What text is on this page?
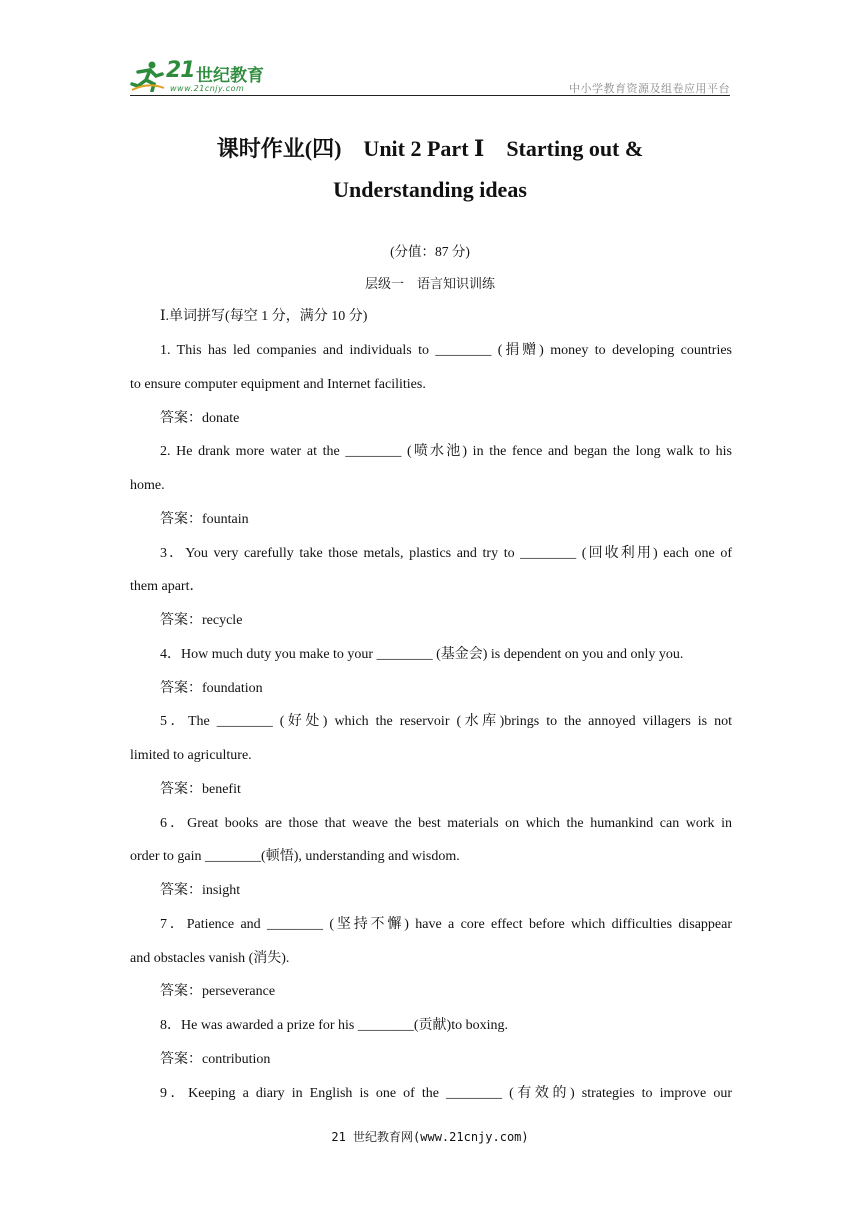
21 世纪教育
www.21cnjy.com	中小学教育资源及组卷应用平台
课时作业(四)　Unit 2 Part Ⅰ　Starting out &
Understanding ideas
(分值：87 分)
层级一　语言知识训练
Ⅰ.单词拼写(每空 1 分，满分 10 分)
1. This has led companies and individuals to ________ (捐赠) money to developing countries
to ensure computer equipment and Internet facilities.
答案：donate
2. He drank more water at the ________ (喷水池) in the fence and began the long walk to his
home.
答案：fountain
3．You very carefully take those metals, plastics and try to ________ (回收利用) each one of
them apart．
答案：recycle
4．How much duty you make to your ________ (基金会) is dependent on you and only you.
答案：foundation
5．The ________ (好处) which the reservoir (水库)brings to the annoyed villagers is not
limited to agriculture.
答案：benefit
6．Great books are those that weave the best materials on which the humankind can work in
order to gain ________(顿悟), understanding and wisdom.
答案：insight
7．Patience and ________ (坚持不懈) have a core effect before which difficulties disappear
and obstacles vanish (消失).
答案：perseverance
8．He was awarded a prize for his ________(贡献)to boxing.
答案：contribution
9．Keeping a diary in English is one of the ________ (有效的) strategies to improve our
21 世纪教育网(www.21cnjy.com)
